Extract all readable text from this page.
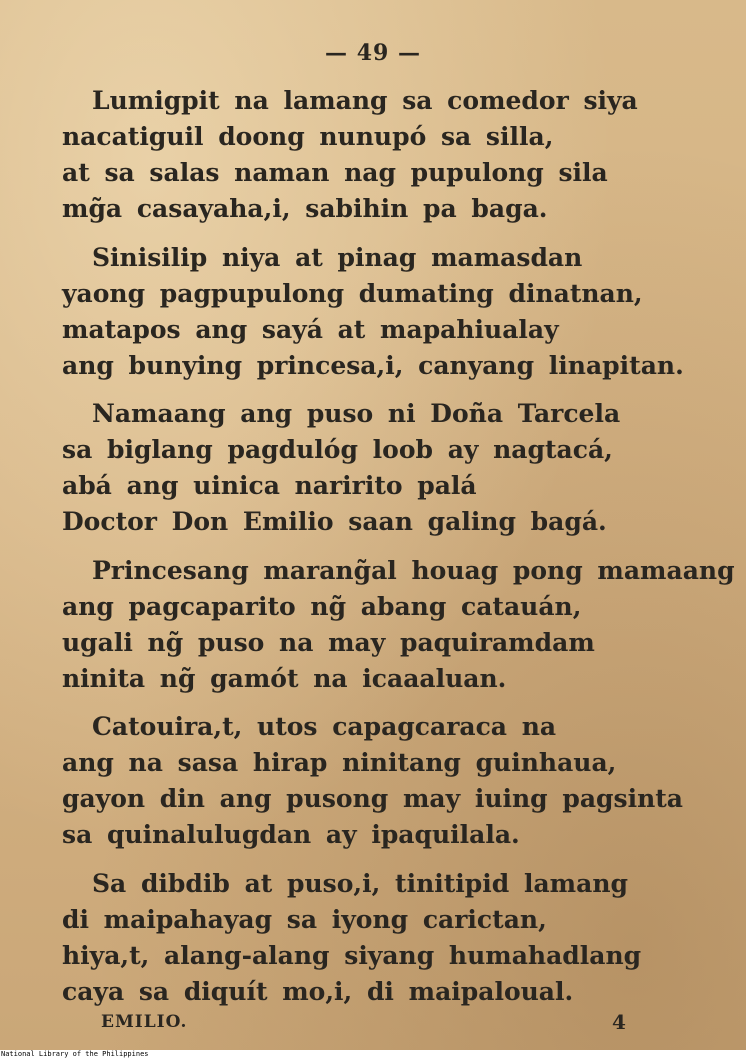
— 49 —
Lumigpit na lamang sa comedor siya
nacatiguil doong nunupó sa silla,
at sa salas naman nag pupulong sila
mg̃a casayaha,i, sabihin pa baga.
Sinisilip niya at pinag mamasdan
yaong pagpupulong dumating dinatnan,
matapos ang sayá at mapahiualay
ang bunying princesa,i, canyang linapitan.
Namaang ang puso ni Doña Tarcela
sa biglang pagdulóg loob ay nagtacá,
abá ang uinica naririto palá
Doctor Don Emilio saan galing bagá.
Princesang marang̃al houag pong mamaang
ang pagcaparito ng̃ abang catauán,
ugali ng̃ puso na may paquiramdam
ninita ng̃ gamót na icaaaluan.
Catouira,t, utos capagcaraca na
ang na sasa hirap ninitang guinhaua,
gayon din ang pusong may iuing pagsinta
sa quinalulugdan ay ipaquilala.
Sa dibdib at puso,i, tinitipid lamang
di maipahayag sa iyong carictan,
hiya,t, alang-alang siyang humahadlang
caya sa diquít mo,i, di maipaloual.
EMILIO.	4
National Library of the Philippines
